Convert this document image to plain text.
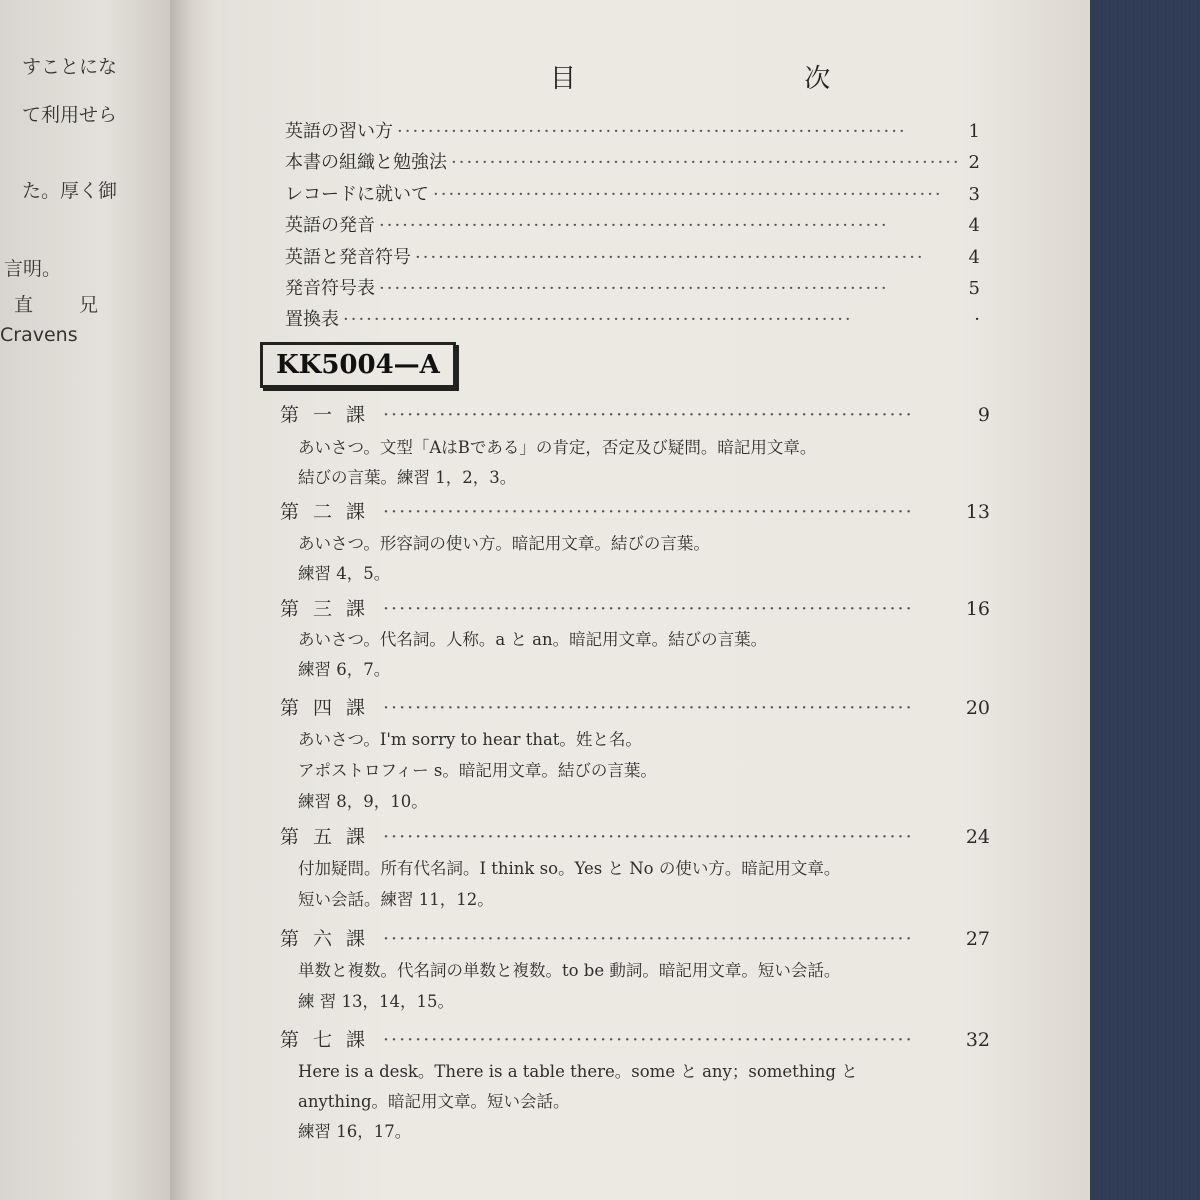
すことにな
て利用せら
た。厚く御
言明。
直 兄
Cravens
目 次
英語の習い方 ··································································	1
本書の組織と勉強法 ·································································· 2
レコードに就いて ··································································	3
英語の発音 ··································································	4
英語と発音符号 ··································································	4
発音符号表 ··································································	5
置換表 ··································································	·
KK5004—A
第一課 ··································································	9
あいさつ。文型「AはBである」の肯定，否定及び疑問。暗記用文章。
結びの言葉。練習 1，2，3。
第二課 ··································································	13
あいさつ。形容詞の使い方。暗記用文章。結びの言葉。
練習 4，5。
第三課 ··································································	16
あいさつ。代名詞。人称。a と an。暗記用文章。結びの言葉。
練習 6，7。
第四課 ··································································	20
あいさつ。I'm sorry to hear that。姓と名。
アポストロフィー s。暗記用文章。結びの言葉。
練習 8，9，10。
第五課 ··································································	24
付加疑問。所有代名詞。I think so。Yes と No の使い方。暗記用文章。
短い会話。練習 11，12。
第六課 ··································································	27
単数と複数。代名詞の単数と複数。to be 動詞。暗記用文章。短い会話。
練 習 13，14，15。
第七課 ··································································	32
Here is a desk。There is a table there。some と any；something と
anything。暗記用文章。短い会話。
練習 16，17。
